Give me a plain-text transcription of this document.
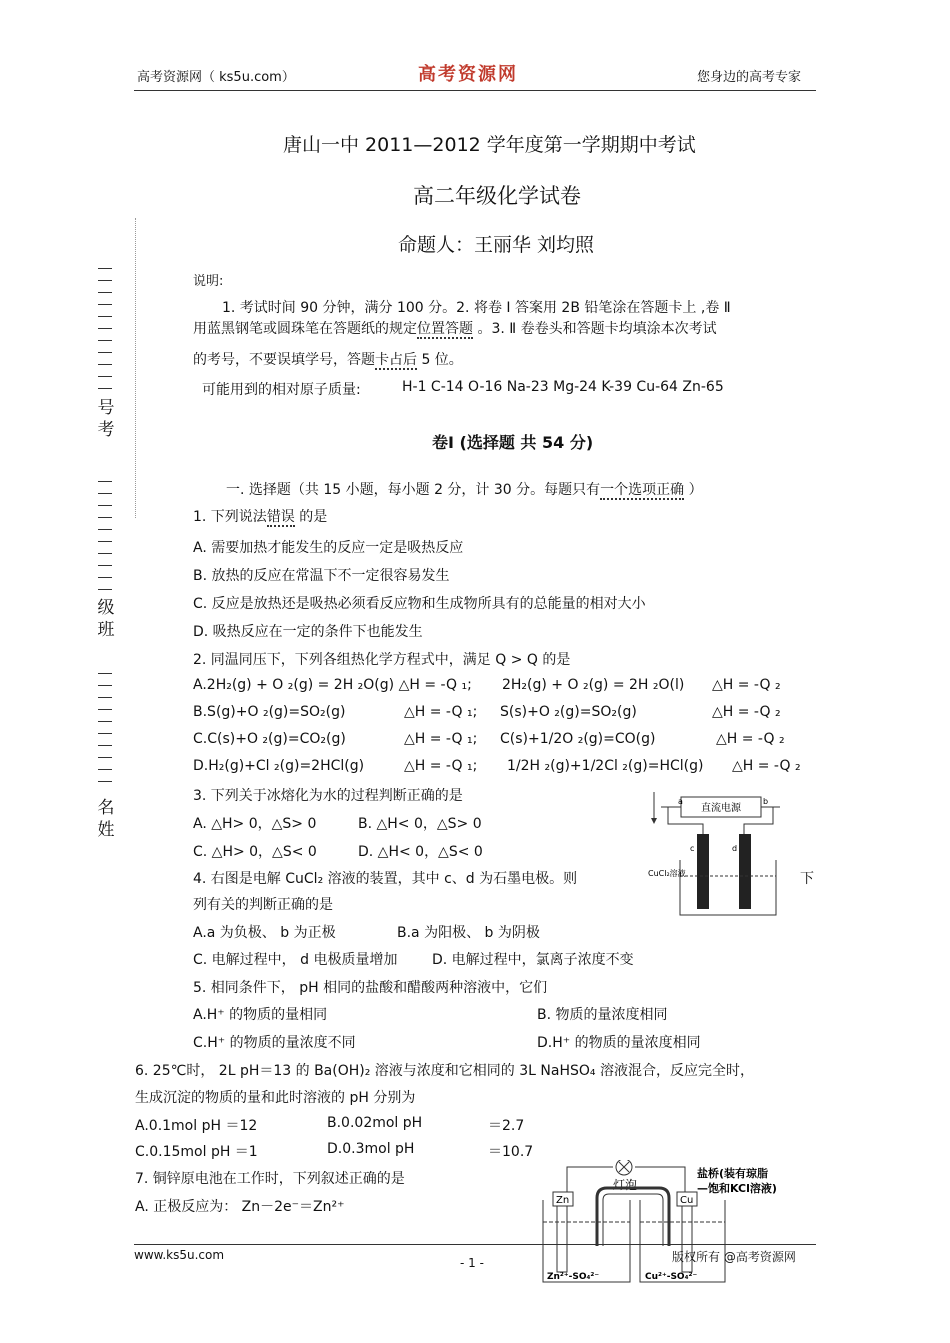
高考资源网（ ks5u.com）	高考资源网	您身边的高考专家
唐山一中 2011—2012 学年度第一学期期中考试
高二年级化学试卷
命题人：王丽华 刘均照
号
考
级
班
名
姓
说明:
1. 考试时间 90 分钟，满分 100 分。2. 将卷 Ⅰ 答案用 2B 铅笔涂在答题卡上 ,卷 Ⅱ
用蓝黑钢笔或圆珠笔在答题纸的规定位置答题 。3. Ⅱ 卷卷头和答题卡均填涂本次考试
的考号，不要误填学号，答题卡占后 5 位。
可能用到的相对原子质量:	H-1 C-14 O-16 Na-23 Mg-24 K-39 Cu-64 Zn-65
卷Ⅰ (选择题 共 54 分)
一. 选择题（共 15 小题，每小题 2 分，计 30 分。每题只有一个选项正确 ）
1. 下列说法错误 的是
A. 需要加热才能发生的反应一定是吸热反应
B. 放热的反应在常温下不一定很容易发生
C. 反应是放热还是吸热必须看反应物和生成物所具有的总能量的相对大小
D. 吸热反应在一定的条件下也能发生
2. 同温同压下，下列各组热化学方程式中，满足 Q > Q 的是
A.2H₂(g) + O ₂(g) = 2H ₂O(g) △H = -Q ₁; 2H₂(g) + O ₂(g) = 2H ₂O(l) △H = -Q ₂
B.S(g)+O ₂(g)=SO₂(g)	△H = -Q ₁; S(s)+O ₂(g)=SO₂(g)	△H = -Q ₂
C.C(s)+O ₂(g)=CO₂(g)	△H = -Q ₁; C(s)+1/2O ₂(g)=CO(g)	△H = -Q ₂
D.H₂(g)+Cl ₂(g)=2HCl(g)	△H = -Q ₁; 1/2H ₂(g)+1/2Cl ₂(g)=HCl(g) △H = -Q ₂
3. 下列关于冰熔化为水的过程判断正确的是
A. △H> 0，△S> 0	B. △H< 0，△S> 0
C. △H> 0，△S< 0	D. △H< 0，△S< 0
4. 右图是电解 CuCl₂ 溶液的装置，其中 c、d 为石墨电极。则	下
列有关的判断正确的是
A.a 为负极、 b 为正极	B.a 为阳极、 b 为阴极
C. 电解过程中， d 电极质量增加 D. 电解过程中，氯离子浓度不变
5. 相同条件下， pH 相同的盐酸和醋酸两种溶液中，它们
A.H⁺ 的物质的量相同	B. 物质的量浓度相同
C.H⁺ 的物质的量浓度不同	D.H⁺ 的物质的量浓度相同
6. 25℃时， 2L pH＝13 的 Ba(OH)₂ 溶液与浓度和它相同的 3L NaHSO₄ 溶液混合，反应完全时，
生成沉淀的物质的量和此时溶液的 pH 分别为
A.0.1mol pH ＝12	B.0.02mol pH	＝2.7
C.0.15mol pH ＝1	D.0.3mol pH	＝10.7
7. 铜锌原电池在工作时，下列叙述正确的是
A. 正极反应为： Zn－2e⁻＝Zn²⁺
直流电源
a	b
c	d
CuCl₂溶液
灯泡
盐桥(装有琼脂
—饱和KCl溶液)
Zn	Cu
Zn²⁺-SO₄²⁻	Cu²⁺-SO₄²⁻
www.ks5u.com
- 1 -	版权所有 @高考资源网
